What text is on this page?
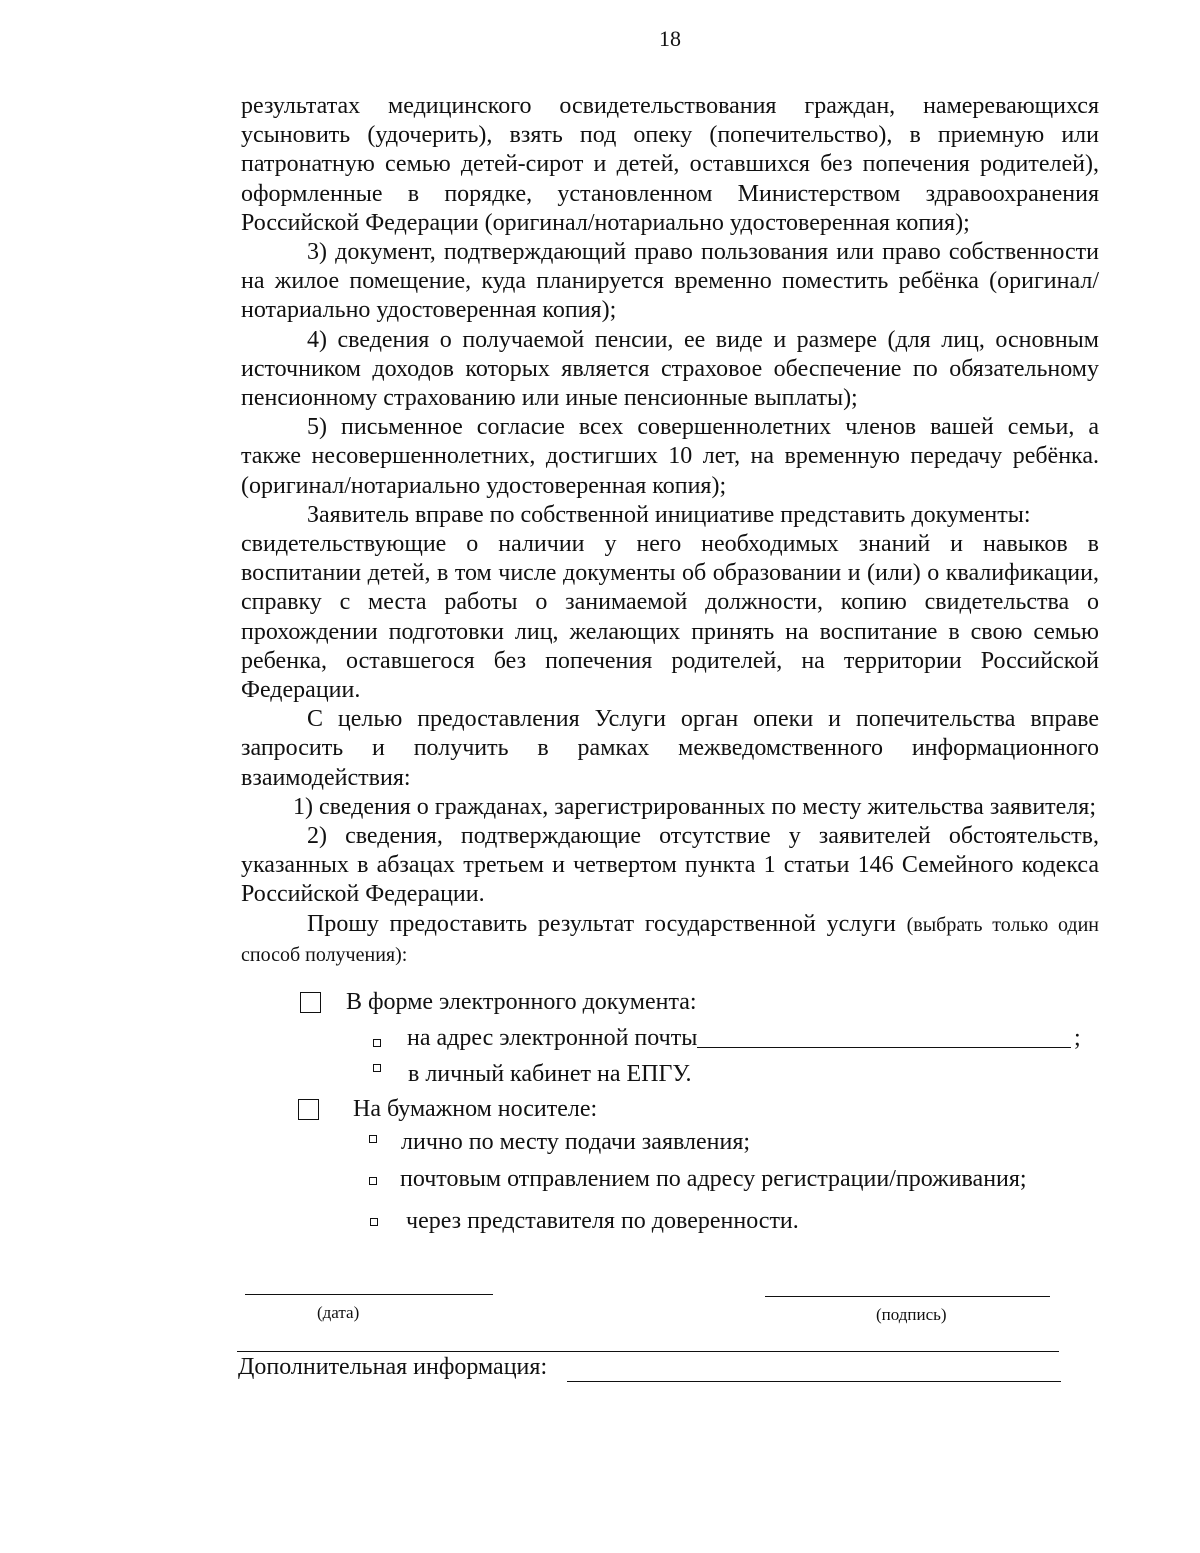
18

результатах медицинского освидетельствования граждан, намеревающихся усыновить (удочерить), взять под опеку (попечительство), в приемную или патронатную семью детей-сирот и детей, оставшихся без попечения родителей), оформленные в порядке, установленном Министерством здравоохранения Российской Федерации (оригинал/нотариально удостоверенная копия);

3) документ, подтверждающий право пользования или право собственности на жилое помещение, куда планируется временно поместить ребёнка (оригинал/нотариально удостоверенная копия);

4) сведения о получаемой пенсии, ее виде и размере (для лиц, основным источником доходов которых является страховое обеспечение по обязательному пенсионному страхованию или иные пенсионные выплаты);

5) письменное согласие всех совершеннолетних членов вашей семьи, а также несовершеннолетних, достигших 10 лет, на временную передачу ребёнка. (оригинал/нотариально удостоверенная копия);

Заявитель вправе по собственной инициативе представить документы:

свидетельствующие о наличии у него необходимых знаний и навыков в воспитании детей, в том числе документы об образовании и (или) о квалификации, справку с места работы о занимаемой должности, копию свидетельства о прохождении подготовки лиц, желающих принять на воспитание в свою семью ребенка, оставшегося без попечения родителей, на территории Российской Федерации.

С целью предоставления Услуги орган опеки и попечительства вправе запросить и получить в рамках межведомственного информационного взаимодействия:

1) сведения о гражданах, зарегистрированных по месту жительства заявителя;

2) сведения, подтверждающие отсутствие у заявителей обстоятельств, указанных в абзацах третьем и четвертом пункта 1 статьи 146 Семейного кодекса Российской Федерации.

Прошу предоставить результат государственной услуги (выбрать только один способ получения):

В форме электронного документа:
на адрес электронной почты	;
в личный кабинет на ЕПГУ.
На бумажном носителе:
лично по месту подачи заявления;
почтовым отправлением по адресу регистрации/проживания;
через представителя по доверенности.
(дата)	(подпись)
Дополнительная информация:
